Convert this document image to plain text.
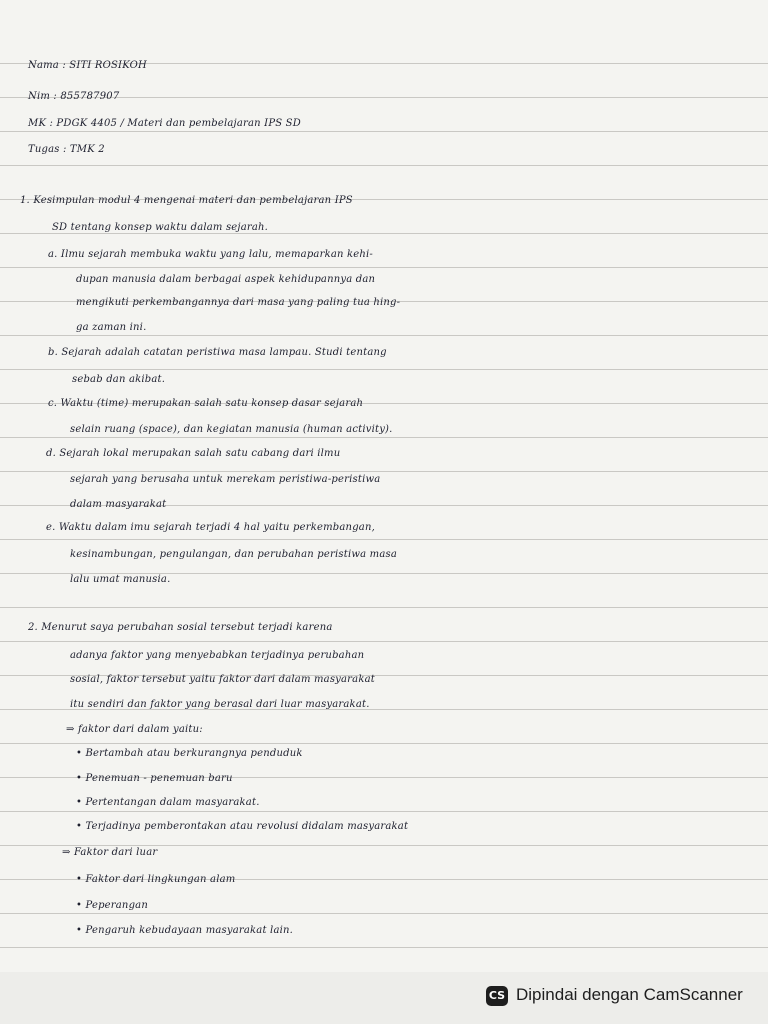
Nama : SITI ROSIKOH

Nim : 855787907

MK : PDGK 4405 / Materi dan pembelajaran IPS SD

Tugas : TMK 2

1. Kesimpulan modul 4 mengenai materi dan pembelajaran IPS

SD tentang konsep waktu dalam sejarah.

a. Ilmu sejarah membuka waktu yang lalu, memaparkan kehi-

dupan manusia dalam berbagai aspek kehidupannya dan

mengikuti perkembangannya dari masa yang paling tua hing-

ga zaman ini.

b. Sejarah adalah catatan peristiwa masa lampau. Studi tentang

sebab dan akibat.

c. Waktu (time) merupakan salah satu konsep dasar sejarah

selain ruang (space), dan kegiatan manusia (human activity).

d. Sejarah lokal merupakan salah satu cabang dari ilmu

sejarah yang berusaha untuk merekam peristiwa-peristiwa

dalam masyarakat

e. Waktu dalam imu sejarah terjadi 4 hal yaitu perkembangan,

kesinambungan, pengulangan, dan perubahan peristiwa masa

lalu umat manusia.

2. Menurut saya perubahan sosial tersebut terjadi karena

adanya faktor yang menyebabkan terjadinya perubahan

sosial, faktor tersebut yaitu faktor dari dalam masyarakat

itu sendiri dan faktor yang berasal dari luar masyarakat.

⇒ faktor dari dalam yaitu:

• Bertambah atau berkurangnya penduduk

• Penemuan - penemuan baru

• Pertentangan dalam masyarakat.

• Terjadinya pemberontakan atau revolusi didalam masyarakat

⇒ Faktor dari luar

• Faktor dari lingkungan alam

• Peperangan

• Pengaruh kebudayaan masyarakat lain.

CS Dipindai dengan CamScanner
